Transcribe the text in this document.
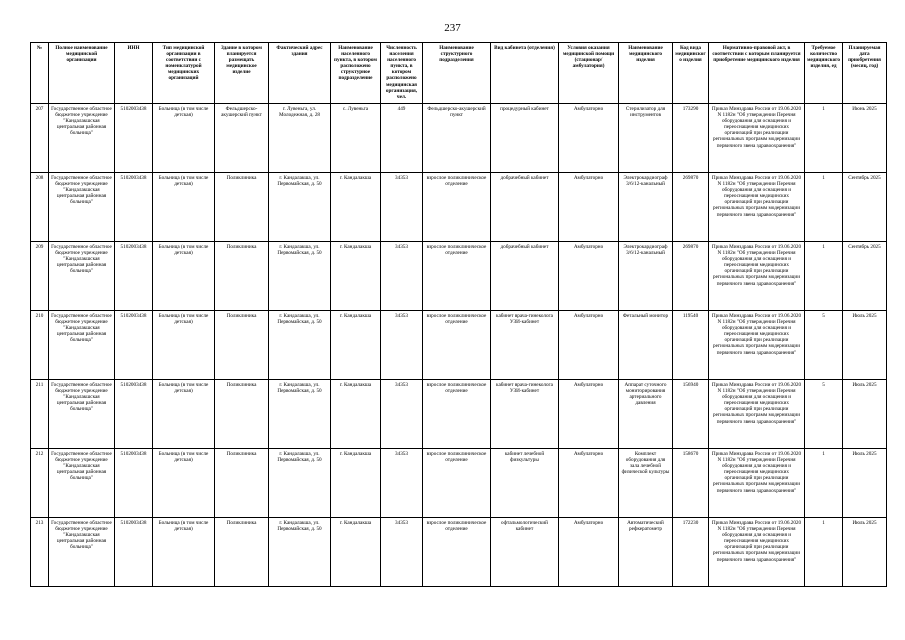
237
№	Полное наименование медицинской организации	ИНН	Тип медицинской организации в соответствии с номенклатурой медицинских организаций	Здание в котором планируется размещать медицинское изделие	Фактический адрес здания	Наименование населенного пункта, в котором расположено структурное подразделение	Численность населения населенного пункта, в котором расположено медицинская организация, чел.	Наименование структурного подразделения	Вид кабинета (отделения)	Условия оказания медицинской помощи (стационар/амбулатория)	Наименование медицинского изделия	Код вида медицинского изделия	Нормативно-правовой акт, в соответствии с которым планируется приобретение медицинского изделия	Требуемое количество медицинского изделия, ед	Планируемая дата приобретения (месяц, год)
207	Государственное областное бюджетное учреждение "Кандалакшская центральная районная больница"	5102003438	Больница (в том числе детская)	Фельдшерско-акушерский пункт	г. Лувеньга, ул. Молодежная, д. 28	с. Лувеньга	449	Фельдшерско-акушерский пункт	процедурный кабинет	Амбулаторно	Стерилизатор для инструментов	173290	Приказ Минздрава России от 19.06.2020 N 1182н "Об утверждении Перечня оборудования для оснащения и переоснащения медицинских организаций при реализации региональных программ модернизации первичного звена здравоохранения"	1	Июнь 2025
208	Государственное областное бюджетное учреждение "Кандалакшская центральная районная больница"	5102003438	Больница (в том числе детская)	Поликлиника	г. Кандалакша, ул. Первомайская, д. 50	г. Кандалакша	34353	взрослое поликлиническое отделение	добрачебный кабинет	Амбулаторно	Электрокардиограф 3/6/12-канальный	269870	Приказ Минздрава России от 19.06.2020 N 1182н "Об утверждении Перечня оборудования для оснащения и переоснащения медицинских организаций при реализации региональных программ модернизации первичного звена здравоохранения"	1	Сентябрь 2025
209	Государственное областное бюджетное учреждение "Кандалакшская центральная районная больница"	5102003438	Больница (в том числе детская)	Поликлиника	г. Кандалакша, ул. Первомайская, д. 50	г. Кандалакша	34353	взрослое поликлиническое отделение	добрачебный кабинет	Амбулаторно	Электрокардиограф 3/6/12-канальный	269870	Приказ Минздрава России от 19.06.2020 N 1182н "Об утверждении Перечня оборудования для оснащения и переоснащения медицинских организаций при реализации региональных программ модернизации первичного звена здравоохранения"	1	Сентябрь 2025
210	Государственное областное бюджетное учреждение "Кандалакшская центральная районная больница"	5102003438	Больница (в том числе детская)	Поликлиника	г. Кандалакша, ул. Первомайская, д. 50	г. Кандалакша	34353	взрослое поликлиническое отделение	кабинет врача-гинеколога УЗИ-кабинет	Амбулаторно	Фетальный монитор	119540	Приказ Минздрава России от 19.06.2020 N 1182н "Об утверждении Перечня оборудования для оснащения и переоснащения медицинских организаций при реализации региональных программ модернизации первичного звена здравоохранения"	5	Июль 2025
211	Государственное областное бюджетное учреждение "Кандалакшская центральная районная больница"	5102003438	Больница (в том числе детская)	Поликлиника	г. Кандалакша, ул. Первомайская, д. 50	г. Кандалакша	34353	взрослое поликлиническое отделение	кабинет врача-гинеколога УЗИ-кабинет	Амбулаторно	Аппарат суточного мониторирования артериального давления	156940	Приказ Минздрава России от 19.06.2020 N 1182н "Об утверждении Перечня оборудования для оснащения и переоснащения медицинских организаций при реализации региональных программ модернизации первичного звена здравоохранения"	5	Июль 2025
212	Государственное областное бюджетное учреждение "Кандалакшская центральная районная больница"	5102003438	Больница (в том числе детская)	Поликлиника	г. Кандалакша, ул. Первомайская, д. 50	г. Кандалакша	34353	взрослое поликлиническое отделение	кабинет лечебной физкультуры	Амбулаторно	Комплект оборудования для зала лечебной физической культуры	158670	Приказ Минздрава России от 19.06.2020 N 1182н "Об утверждении Перечня оборудования для оснащения и переоснащения медицинских организаций при реализации региональных программ модернизации первичного звена здравоохранения"	1	Июль 2025
213	Государственное областное бюджетное учреждение "Кандалакшская центральная районная больница"	5102003438	Больница (в том числе детская)	Поликлиника	г. Кандалакша, ул. Первомайская, д. 50	г. Кандалакша	34353	взрослое поликлиническое отделение	офтальмологический кабинет	Амбулаторно	Автоматический рефкератометр	172230	Приказ Минздрава России от 19.06.2020 N 1182н "Об утверждении Перечня оборудования для оснащения и переоснащения медицинских организаций при реализации региональных программ модернизации первичного звена здравоохранения"	1	Июль 2025
